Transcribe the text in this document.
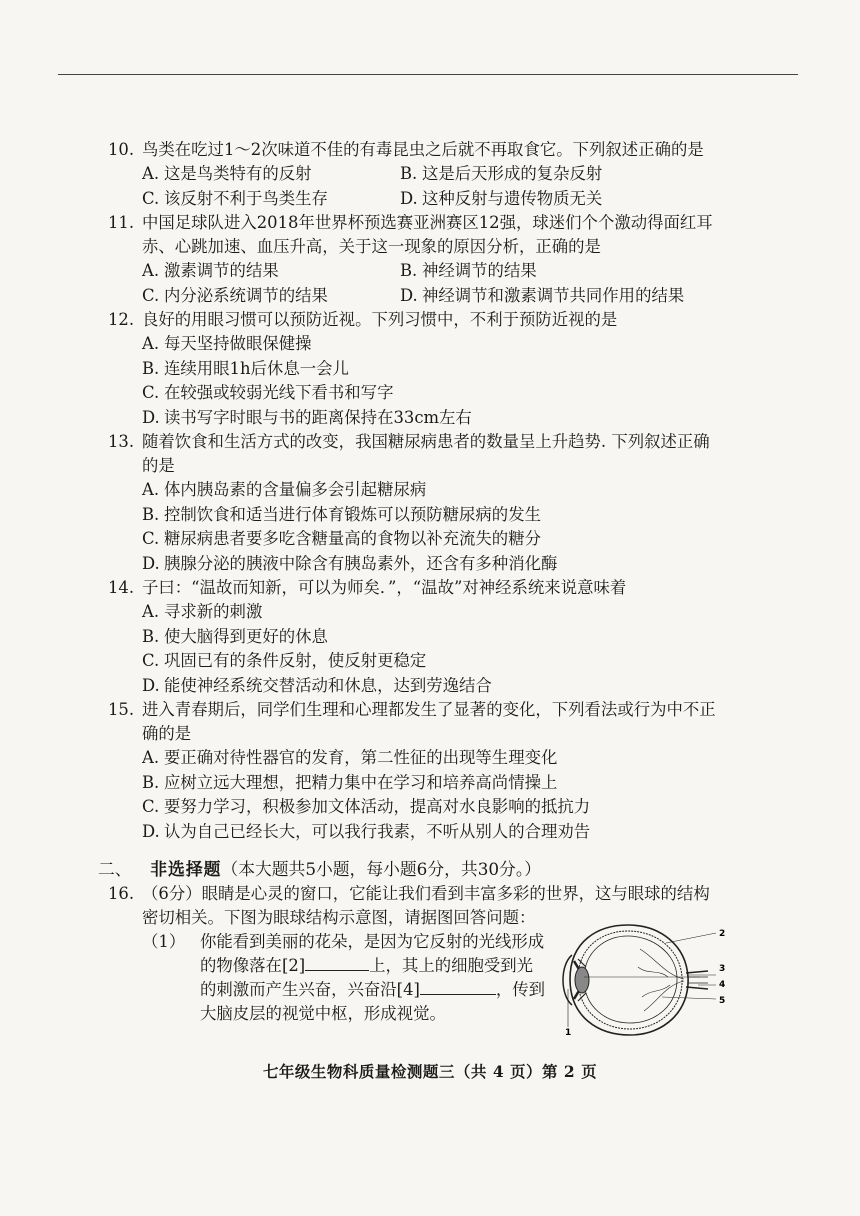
10. 鸟类在吃过1～2次味道不佳的有毒昆虫之后就不再取食它。下列叙述正确的是
A. 这是鸟类特有的反射	B. 这是后天形成的复杂反射
C. 该反射不利于鸟类生存	D. 这种反射与遗传物质无关
11. 中国足球队进入2018年世界杯预选赛亚洲赛区12强，球迷们个个激动得面红耳
赤、心跳加速、血压升高，关于这一现象的原因分析，正确的是
A. 激素调节的结果	B. 神经调节的结果
C. 内分泌系统调节的结果	D. 神经调节和激素调节共同作用的结果
12. 良好的用眼习惯可以预防近视。下列习惯中，不利于预防近视的是
A. 每天坚持做眼保健操
B. 连续用眼1h后休息一会儿
C. 在较强或较弱光线下看书和写字
D. 读书写字时眼与书的距离保持在33cm左右
13. 随着饮食和生活方式的改变，我国糖尿病患者的数量呈上升趋势. 下列叙述正确
的是
A. 体内胰岛素的含量偏多会引起糖尿病
B. 控制饮食和适当进行体育锻炼可以预防糖尿病的发生
C. 糖尿病患者要多吃含糖量高的食物以补充流失的糖分
D. 胰腺分泌的胰液中除含有胰岛素外，还含有多种消化酶
14. 子曰：“温故而知新，可以为师矣．”，“温故”对神经系统来说意味着
A. 寻求新的刺激
B. 使大脑得到更好的休息
C. 巩固已有的条件反射，使反射更稳定
D. 能使神经系统交替活动和休息，达到劳逸结合
15. 进入青春期后，同学们生理和心理都发生了显著的变化，下列看法或行为中不正
确的是
A. 要正确对待性器官的发育，第二性征的出现等生理变化
B. 应树立远大理想，把精力集中在学习和培养高尚情操上
C. 要努力学习，积极参加文体活动，提高对水良影响的抵抗力
D. 认为自己已经长大，可以我行我素，不听从别人的合理劝告
二、 非选择题（本大题共5小题，每小题6分，共30分。）
16. （6分）眼睛是心灵的窗口，它能让我们看到丰富多彩的世界，这与眼球的结构
密切相关。下图为眼球结构示意图，请据图回答问题：
（1） 你能看到美丽的花朵，是因为它反射的光线形成
的物像落在[2]	上，其上的细胞受到光
的刺激而产生兴奋，兴奋沿[4]	，传到
大脑皮层的视觉中枢，形成视觉。
1
2
3
4
5
七年级生物科质量检测题三（共 4 页）第 2 页
